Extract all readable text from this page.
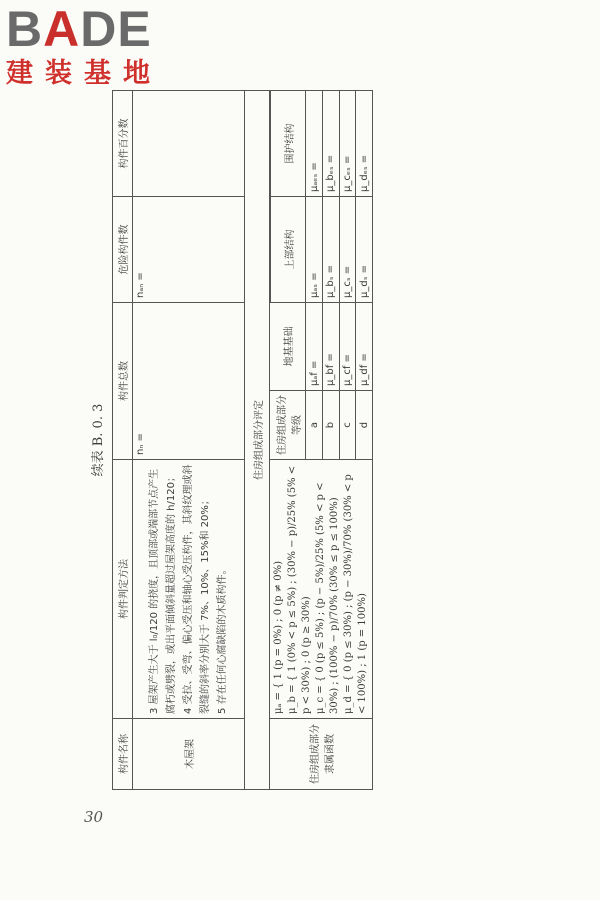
BADE
建装基地
续表 B. 0. 3
构件名称	构件判定方法	构件总数		危险构件数	构件百分数
木屋架	3 屋架产生大于 l₀/120 的挠度，且顶部或端部节点产生腐朽或劈裂，或出平面倾斜量超过屋架高度的 h/120； 4 受拉、受弯、偏心受压和轴心受压构件，其斜纹理或斜裂缝的斜率分别大于 7%、10%、15%和 20%； 5 存在任何心腐缺陷的木质构件。	nₙ =		nₐₙ =	
住房组成部分评定					
住房组成部分隶属函数	μₐ = { 1 (p = 0%) ; 0 (p ≠ 0%) μ_b = { 1 (0% < p ≤ 5%) ; (30% − p)/25% (5% < p < 30%) ; 0 (p ≥ 30%) μ_c = { 0 (p ≤ 5%) ; (p − 5%)/25% (5% < p < 30%) ; (100% − p)/70% (30% ≤ p ≤ 100%) μ_d = { 0 (p ≤ 30%) ; (p − 30%)/70% (30% < p < 100%) ; 1 (p = 100%)	住房组成部分等级	地基基础		
				上部结构	围护结构
		a	μₐf =	μₐₛ =	μₐₑₛ =
		b	μ_bf =	μ_bₛ =	μ_bₑₛ =
		c	μ_cf =	μ_cₛ =	μ_cₑₛ =
		d	μ_df =	μ_dₛ =	μ_dₑₛ =
30
